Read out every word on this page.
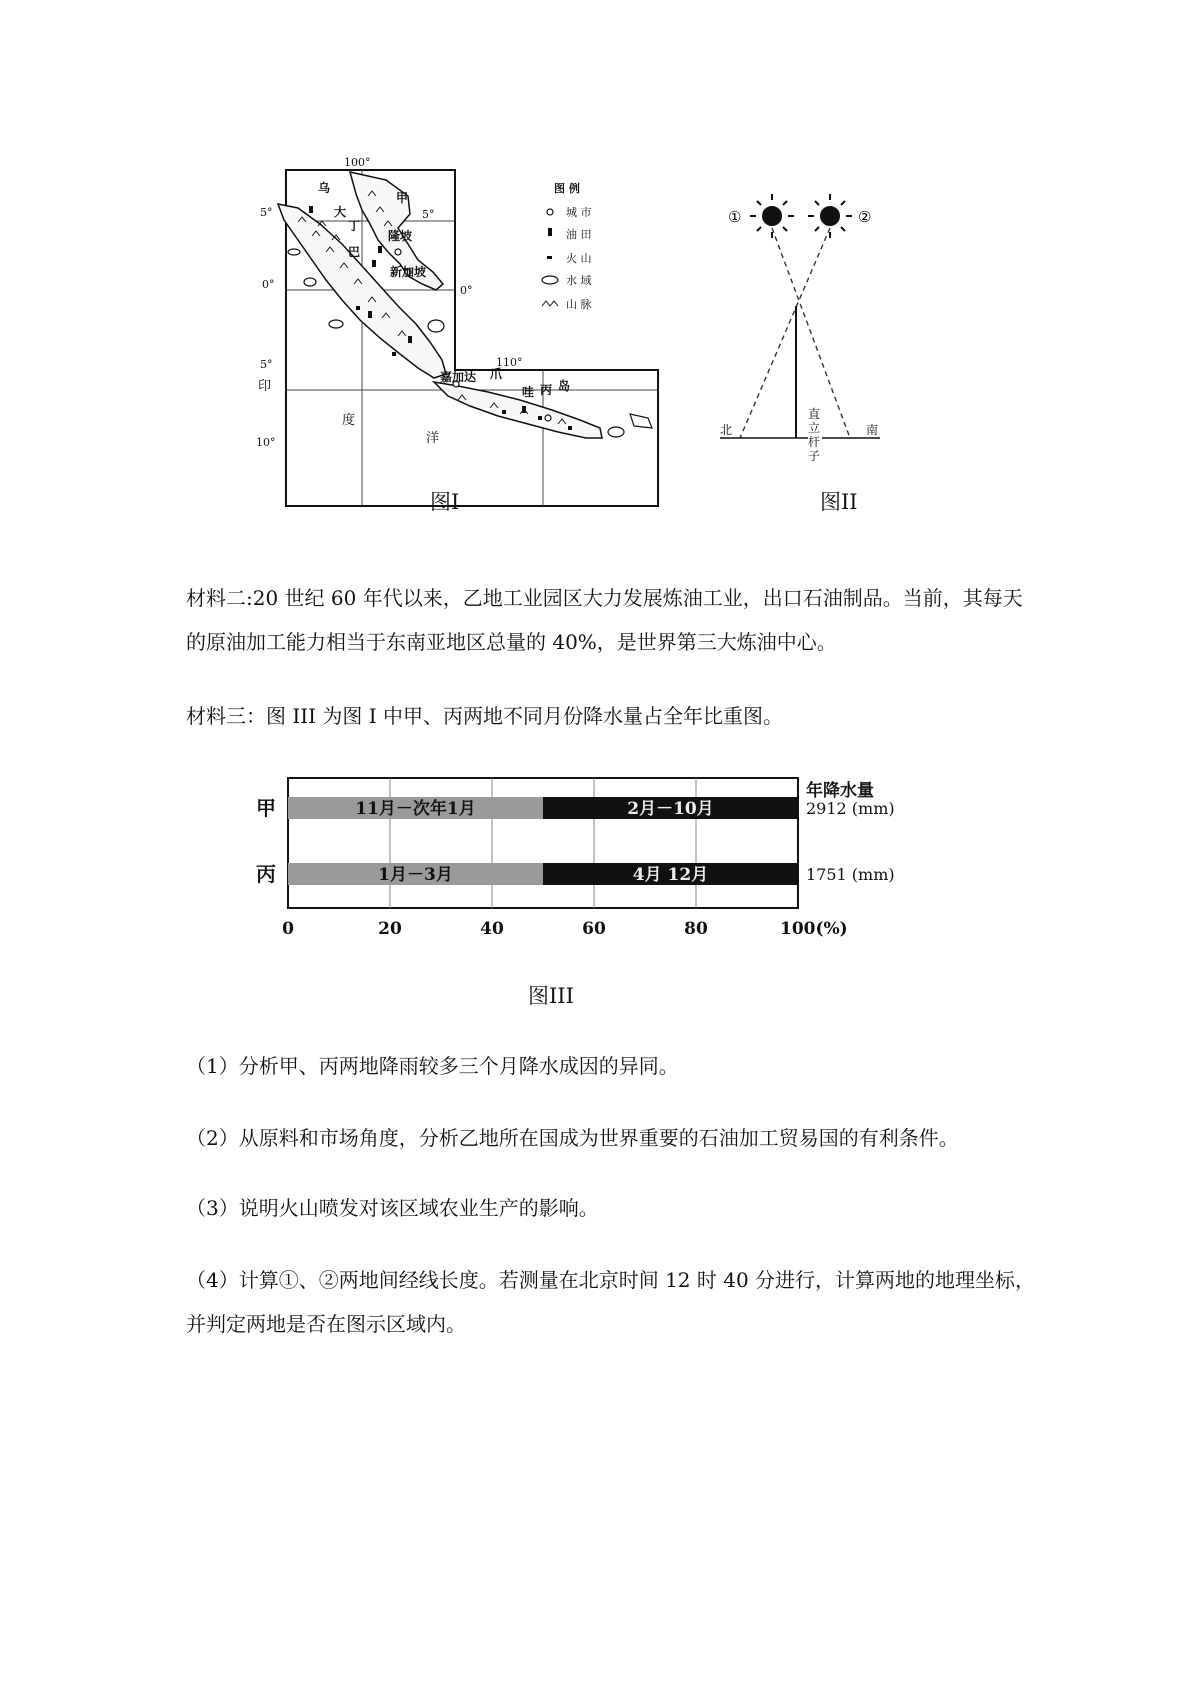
100°
110°
5°	5°
0°	0°
5°
10°
乌
大
甲
丁
隆坡
新加坡
巴
嘉加达 爪
哇 岛
丙
印
度
洋
图 例
城 市
油 田
火 山
水 域
山 脉
图I
①	②
北	南
直立杆子
图II

材料二:20 世纪 60 年代以来，乙地工业园区大力发展炼油工业，出口石油制品。当前，其每天的原油加工能力相当于东南亚地区总量的 40%，是世界第三大炼油中心。

材料三：图 III 为图 I 中甲、丙两地不同月份降水量占全年比重图。

11月－次年1月	2月－10月	2912 (mm)
1月－3月	4月 12月	1751 (mm)
0	20	40	60	80	100(%)
甲
丙
年降水量
图III

（1）分析甲、丙两地降雨较多三个月降水成因的异同。

（2）从原料和市场角度，分析乙地所在国成为世界重要的石油加工贸易国的有利条件。

（3）说明火山喷发对该区域农业生产的影响。

（4）计算①、②两地间经线长度。若测量在北京时间 12 时 40 分进行，计算两地的地理坐标，并判定两地是否在图示区域内。
